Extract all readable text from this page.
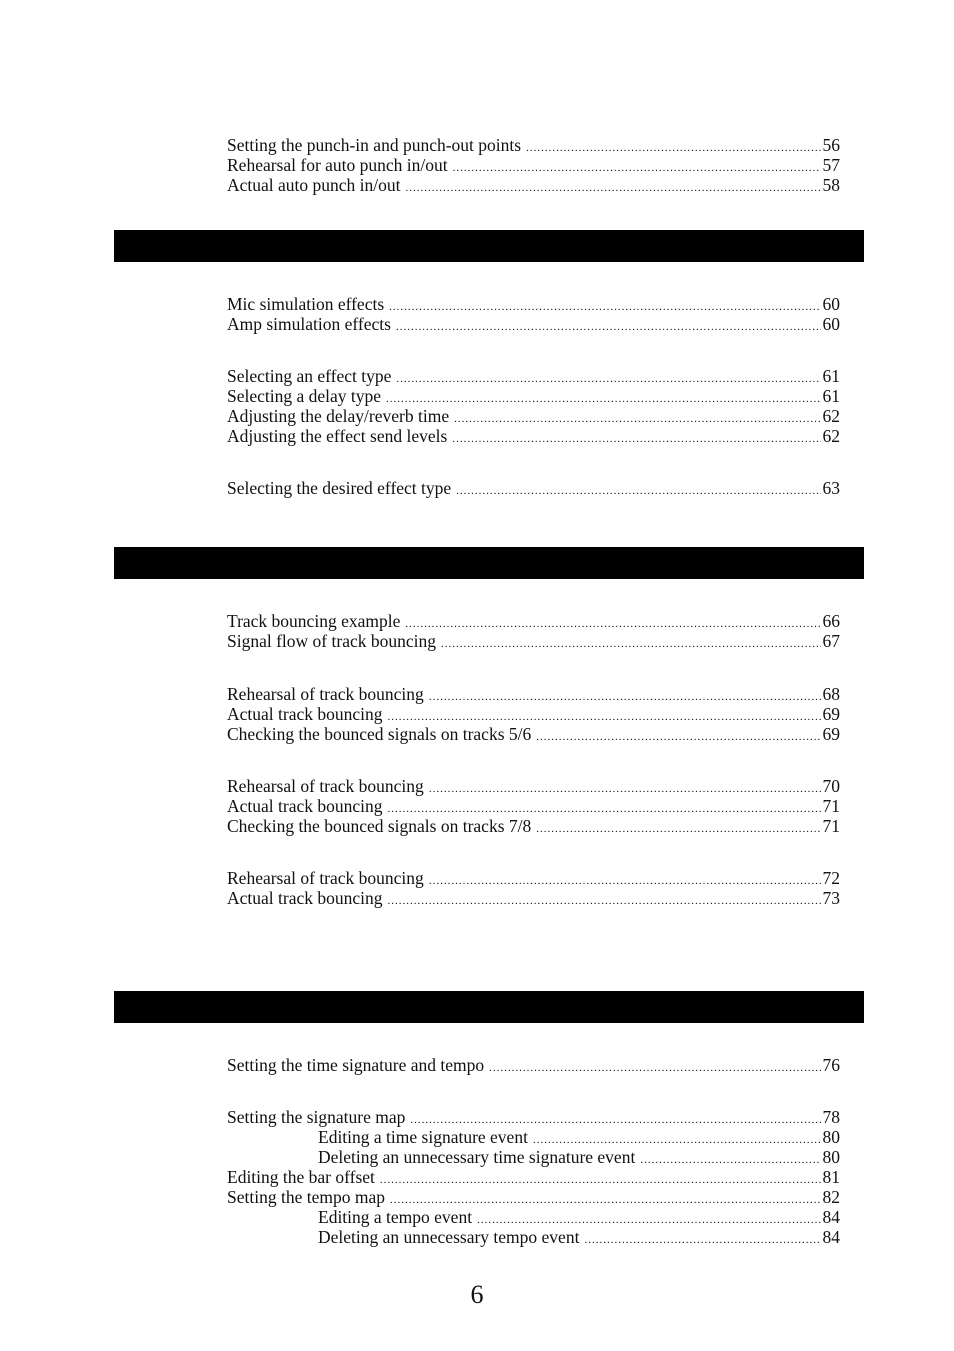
Setting the punch-in and punch-out points .....	56
Rehearsal for auto punch in/out .....	57
Actual auto punch in/out .....	58
Mic simulation effects .....	60
Amp simulation effects .....	60
Selecting an effect type .....	61
Selecting a delay type .....	61
Adjusting the delay/reverb time .....	62
Adjusting the effect send levels .....	62
Selecting the desired effect type .....	63
Track bouncing example .....	66
Signal flow of track bouncing .....	67
Rehearsal of track bouncing .....	68
Actual track bouncing .....	69
Checking the bounced signals on tracks 5/6 .....	69
Rehearsal of track bouncing .....	70
Actual track bouncing .....	71
Checking the bounced signals on tracks 7/8 .....	71
Rehearsal of track bouncing .....	72
Actual track bouncing .....	73
Setting the time signature and tempo .....	76
Setting the signature map .....	78
Editing a time signature event .....	80
Deleting an unnecessary time signature event .....	80
Editing the bar offset .....	81
Setting the tempo map .....	82
Editing a tempo event .....	84
Deleting an unnecessary tempo event .....	84
6
